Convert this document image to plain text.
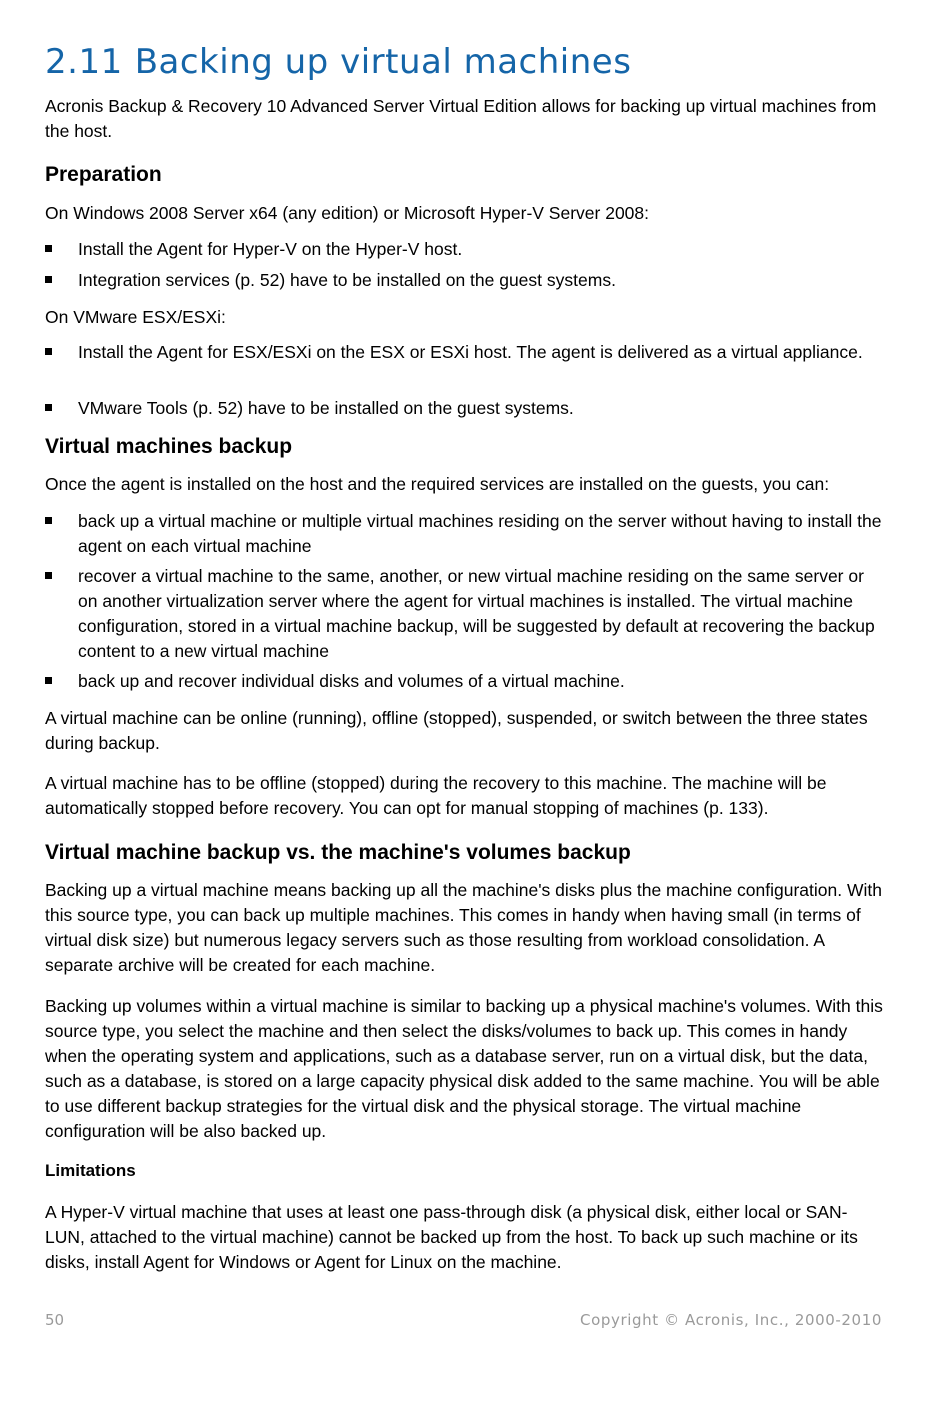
2.11 Backing up virtual machines

Acronis Backup & Recovery 10 Advanced Server Virtual Edition allows for backing up virtual machines from the host.

Preparation

On Windows 2008 Server x64 (any edition) or Microsoft Hyper-V Server 2008:

Install the Agent for Hyper-V on the Hyper-V host.
Integration services (p. 52) have to be installed on the guest systems.

On VMware ESX/ESXi:

Install the Agent for ESX/ESXi on the ESX or ESXi host. The agent is delivered as a virtual appliance.
VMware Tools (p. 52) have to be installed on the guest systems.
Virtual machines backup

Once the agent is installed on the host and the required services are installed on the guests, you can:

back up a virtual machine or multiple virtual machines residing on the server without having to install the agent on each virtual machine
recover a virtual machine to the same, another, or new virtual machine residing on the same server or on another virtualization server where the agent for virtual machines is installed. The virtual machine configuration, stored in a virtual machine backup, will be suggested by default at recovering the backup content to a new virtual machine
back up and recover individual disks and volumes of a virtual machine.

A virtual machine can be online (running), offline (stopped), suspended, or switch between the three states during backup.

A virtual machine has to be offline (stopped) during the recovery to this machine. The machine will be automatically stopped before recovery. You can opt for manual stopping of machines (p. 133).

Virtual machine backup vs. the machine's volumes backup

Backing up a virtual machine means backing up all the machine's disks plus the machine configuration. With this source type, you can back up multiple machines. This comes in handy when having small (in terms of virtual disk size) but numerous legacy servers such as those resulting from workload consolidation. A separate archive will be created for each machine.

Backing up volumes within a virtual machine is similar to backing up a physical machine's volumes. With this source type, you select the machine and then select the disks/volumes to back up. This comes in handy when the operating system and applications, such as a database server, run on a virtual disk, but the data, such as a database, is stored on a large capacity physical disk added to the same machine. You will be able to use different backup strategies for the virtual disk and the physical storage. The virtual machine configuration will be also backed up.

Limitations

A Hyper-V virtual machine that uses at least one pass-through disk (a physical disk, either local or SAN-LUN, attached to the virtual machine) cannot be backed up from the host. To back up such machine or its disks, install Agent for Windows or Agent for Linux on the machine.

50	Copyright © Acronis, Inc., 2000-2010
